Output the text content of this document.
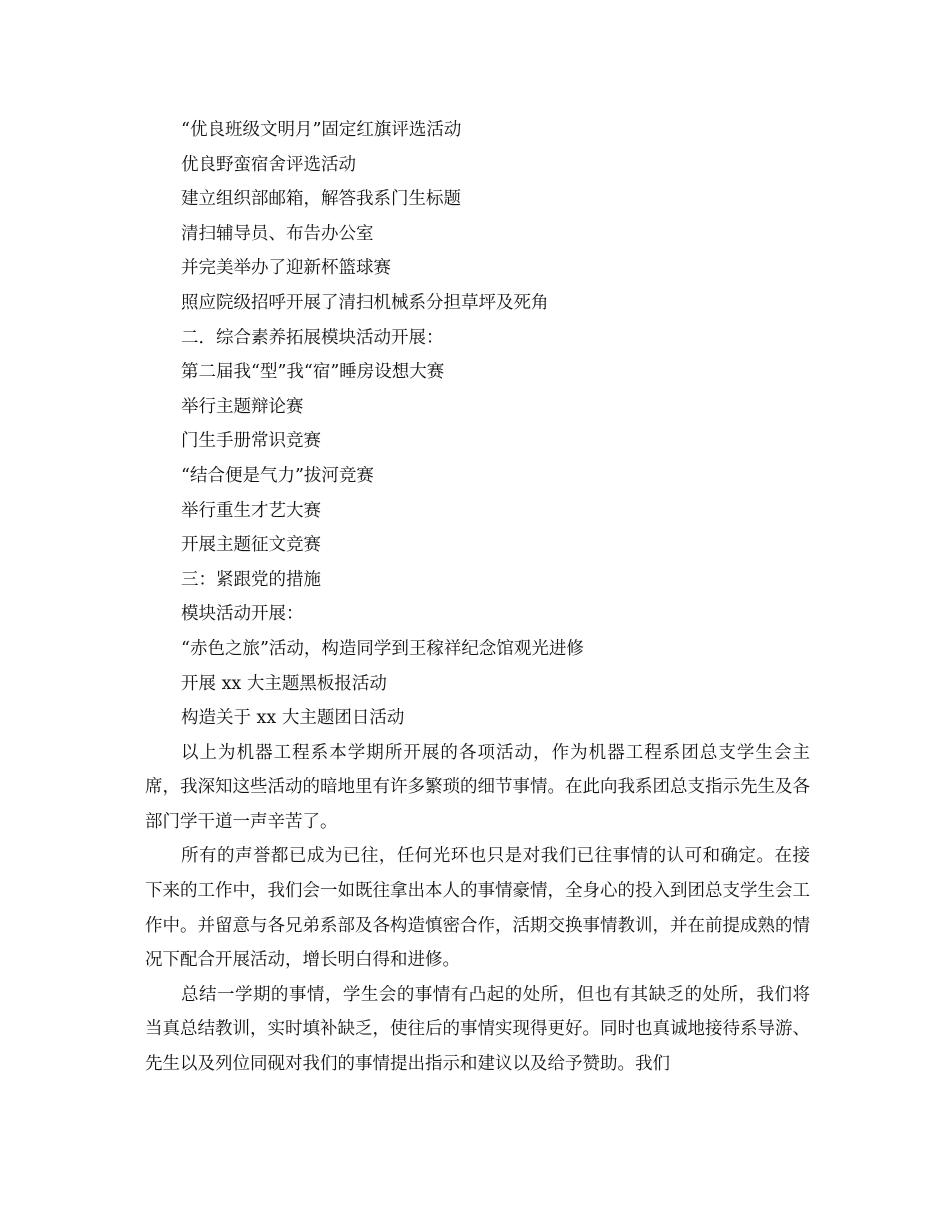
“优良班级文明月”固定红旗评选活动

优良野蛮宿舍评选活动

建立组织部邮箱，解答我系门生标题

清扫辅导员、布告办公室

并完美举办了迎新杯篮球赛

照应院级招呼开展了清扫机械系分担草坪及死角

二．综合素养拓展模块活动开展：

第二届我“型”我“宿”睡房设想大赛

举行主题辩论赛

门生手册常识竞赛

“结合便是气力”拔河竞赛

举行重生才艺大赛

开展主题征文竞赛

三：紧跟党的措施

模块活动开展：

“赤色之旅”活动，构造同学到王稼祥纪念馆观光进修

开展 xx 大主题黑板报活动

构造关于 xx 大主题团日活动

以上为机器工程系本学期所开展的各项活动，作为机器工程系团总支学生会主席，我深知这些活动的暗地里有许多繁琐的细节事情。在此向我系团总支指示先生及各部门学干道一声辛苦了。

所有的声誉都已成为已往，任何光环也只是对我们已往事情的认可和确定。在接下来的工作中，我们会一如既往拿出本人的事情豪情，全身心的投入到团总支学生会工作中。并留意与各兄弟系部及各构造慎密合作，活期交换事情教训，并在前提成熟的情况下配合开展活动，增长明白得和进修。

总结一学期的事情，学生会的事情有凸起的处所，但也有其缺乏的处所，我们将当真总结教训，实时填补缺乏，使往后的事情实现得更好。同时也真诚地接待系导游、先生以及列位同砚对我们的事情提出指示和建议以及给予赞助。我们
